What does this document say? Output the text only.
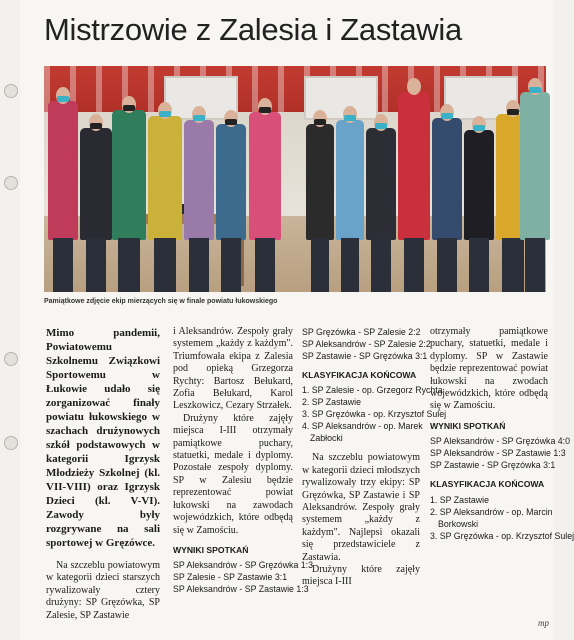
Mistrzowie z Zalesia i Zastawia
Pamiątkowe zdjęcie ekip mierzących się w finale powiatu łukowskiego

Mimo pandemii, Powiatowemu Szkolnemu Związkowi Sportowemu w Łukowie udało się zorganizować finały powiatu łukowskiego w szachach drużynowych szkół podstawowych w kategorii Igrzysk Młodzieży Szkolnej (kl. VII-VIII) oraz Igrzysk Dzieci (kl. V-VI). Zawody były rozgrywane na sali sportowej w Gręzówce.

Na szczeblu powiatowym w kategorii dzieci starszych rywalizowały cztery drużyny: SP Gręzówka, SP Zalesie, SP Zastawie

i Aleksandrów. Zespoły grały systemem „każdy z każdym". Triumfowała ekipa z Zalesia pod opieką Grzegorza Rychty: Bartosz Bełukard, Zofia Bełukard, Karol Leszkowicz, Cezary Strzałek.

Drużyny które zajęły miejsca I-III otrzymały pamiątkowe puchary, statuetki, medale i dyplomy. Pozostałe zespoły dyplomy. SP w Zalesiu będzie reprezentować powiat łukowski na zawodach wojewódzkich, które odbędą się w Zamościu.

WYNIKI SPOTKAŃ
SP Aleksandrów - SP Gręzówka 1:3
SP Zalesie - SP Zastawie 3:1
SP Aleksandrów - SP Zastawie 1:3
SP Gręzówka - SP Zalesie 2:2
SP Aleksandrów - SP Zalesie 2:2
SP Zastawie - SP Gręzówka 3:1
KLASYFIKACJA KOŃCOWA
1. SP Zalesie - op. Grzegorz Rychta
2. SP Zastawie
3. SP Gręzówka - op. Krzysztof Sulej
4. SP Aleksandrów - op. Marek
Zabłocki

Na szczeblu powiatowym w kategorii dzieci młodszych rywalizowały trzy ekipy: SP Gręzówka, SP Zastawie i SP Aleksandrów. Zespoły grały systemem „każdy z każdym". Najlepsi okazali się przedstawiciele z Zastawia.

Drużyny które zajęły miejsca I-III

otrzymały pamiątkowe puchary, statuetki, medale i dyplomy. SP w Zastawie będzie reprezentować powiat łukowski na zwodach wojewódzkich, które odbędą się w Zamościu.

WYNIKI SPOTKAŃ
SP Aleksandrów - SP Gręzówka 4:0
SP Aleksandrów - SP Zastawie 1:3
SP Zastawie - SP Gręzówka 3:1
KLASYFIKACJA KOŃCOWA
1. SP Zastawie
2. SP Aleksandrów - op. Marcin
Borkowski
3. SP Gręzówka - op. Krzysztof Sulej
mp
